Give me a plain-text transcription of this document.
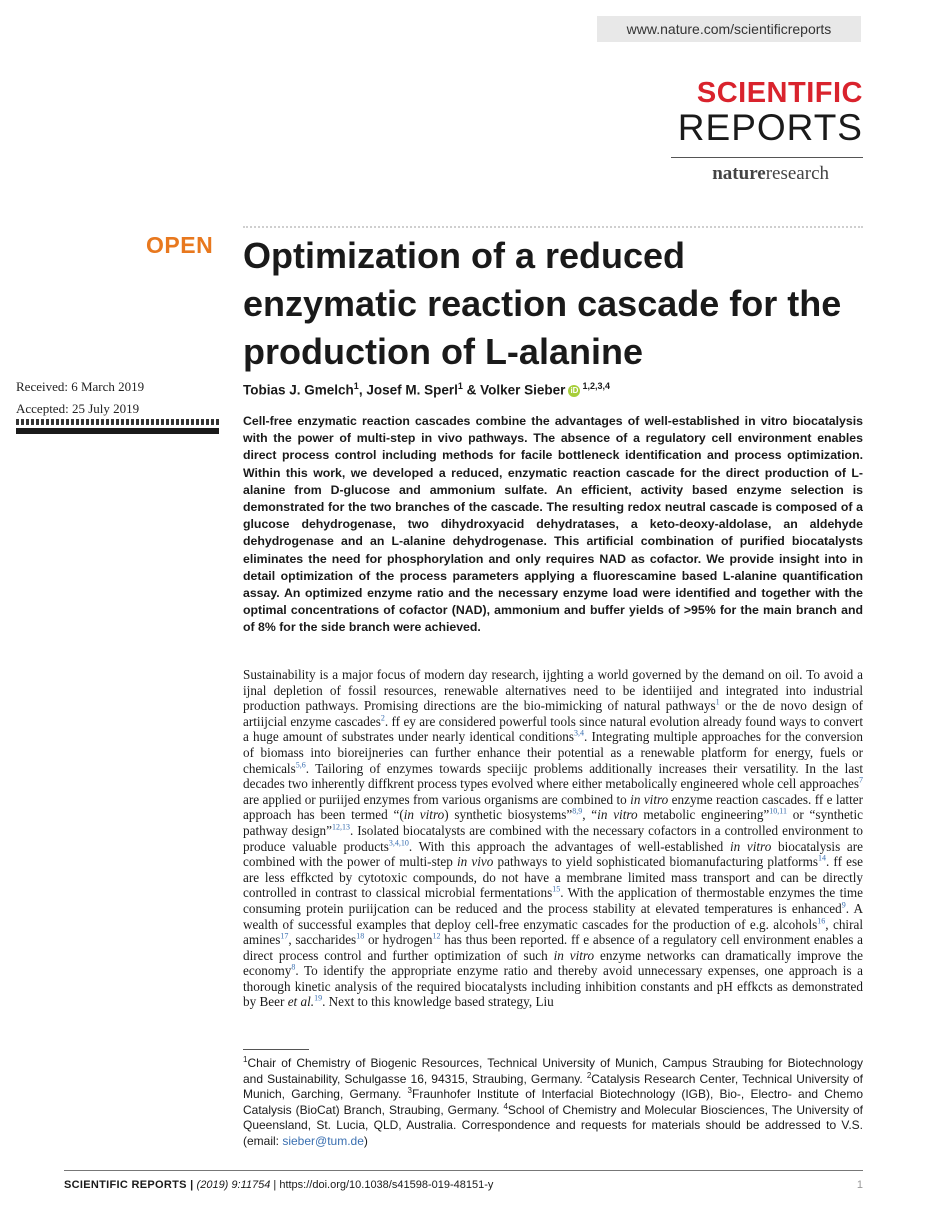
www.nature.com/scientificreports
SCIENTIFIC
REPORTS
natureresearch
OPEN Optimization of a reduced enzymatic reaction cascade for the production of L-alanine
Received: 6 March 2019
Accepted: 25 July 2019
Tobias J. Gmelch$^1$, Josef M. Sperl$^1$ & Volker Sieber iD $^{1,2,3,4}$

Cell-free enzymatic reaction cascades combine the advantages of well-established in vitro biocatalysis with the power of multi-step in vivo pathways. The absence of a regulatory cell environment enables direct process control including methods for facile bottleneck identification and process optimization. Within this work, we developed a reduced, enzymatic reaction cascade for the direct production of L-alanine from D-glucose and ammonium sulfate. An efficient, activity based enzyme selection is demonstrated for the two branches of the cascade. The resulting redox neutral cascade is composed of a glucose dehydrogenase, two dihydroxyacid dehydratases, a keto-deoxy-aldolase, an aldehyde dehydrogenase and an L-alanine dehydrogenase. This artificial combination of purified biocatalysts eliminates the need for phosphorylation and only requires NAD as cofactor. We provide insight into in detail optimization of the process parameters applying a fluorescamine based L-alanine quantification assay. An optimized enzyme ratio and the necessary enzyme load were identified and together with the optimal concentrations of cofactor (NAD), ammonium and buffer yields of >95% for the main branch and of 8% for the side branch were achieved.

Sustainability is a major focus of modern day research, ijghting a world governed by the demand on oil. To avoid a ijnal depletion of fossil resources, renewable alternatives need to be identiijed and integrated into industrial production pathways. Promising directions are the bio-mimicking of natural pathways$^1$ or the de novo design of artiijcial enzyme cascades$^2$. ff ey are considered powerful tools since natural evolution already found ways to convert a huge amount of substrates under nearly identical conditions$^{3,4}$. Integrating multiple approaches for the conversion of biomass into bioreijneries can further enhance their potential as a renewable platform for energy, fuels or chemicals$^{5,6}$. Tailoring of enzymes towards speciijc problems additionally increases their versatility. In the last decades two inherently diffkrent process types evolved where either metabolically engineered whole cell approaches$^7$ are applied or puriijed enzymes from various organisms are combined to in vitro enzyme reaction cascades. ff e latter approach has been termed “(in vitro) synthetic biosystems”$^{8,9}$, “in vitro metabolic engineering”$^{10,11}$ or “synthetic pathway design”$^{12,13}$. Isolated biocatalysts are combined with the necessary cofactors in a controlled environment to produce valuable products$^{3,4,10}$. With this approach the advantages of well-established in vitro biocatalysis are combined with the power of multi-step in vivo pathways to yield sophisticated biomanufacturing platforms$^{14}$. ff ese are less effkcted by cytotoxic compounds, do not have a membrane limited mass transport and can be directly controlled in contrast to classical microbial fermentations$^{15}$. With the application of thermostable enzymes the time consuming protein puriijcation can be reduced and the process stability at elevated temperatures is enhanced$^9$. A wealth of successful examples that deploy cell-free enzymatic cascades for the production of e.g. alcohols$^{16}$, chiral amines$^{17}$, saccharides$^{18}$ or hydrogen$^{12}$ has thus been reported. ff e absence of a regulatory cell environment enables a direct process control and further optimization of such in vitro enzyme networks can dramatically improve the economy$^8$. To identify the appropriate enzyme ratio and thereby avoid unnecessary expenses, one approach is a thorough kinetic analysis of the required biocatalysts including inhibition constants and pH effkcts as demonstrated by Beer et al.$^{19}$. Next to this knowledge based strategy, Liu

$^1$Chair of Chemistry of Biogenic Resources, Technical University of Munich, Campus Straubing for Biotechnology and Sustainability, Schulgasse 16, 94315, Straubing, Germany. $^2$Catalysis Research Center, Technical University of Munich, Garching, Germany. $^3$Fraunhofer Institute of Interfacial Biotechnology (IGB), Bio-, Electro- and Chemo Catalysis (BioCat) Branch, Straubing, Germany. $^4$School of Chemistry and Molecular Biosciences, The University of Queensland, St. Lucia, QLD, Australia. Correspondence and requests for materials should be addressed to V.S. (email: sieber@tum.de)

SCIENTIFIC REPORTS | (2019) 9:11754 | https://doi.org/10.1038/s41598-019-48151-y	1
